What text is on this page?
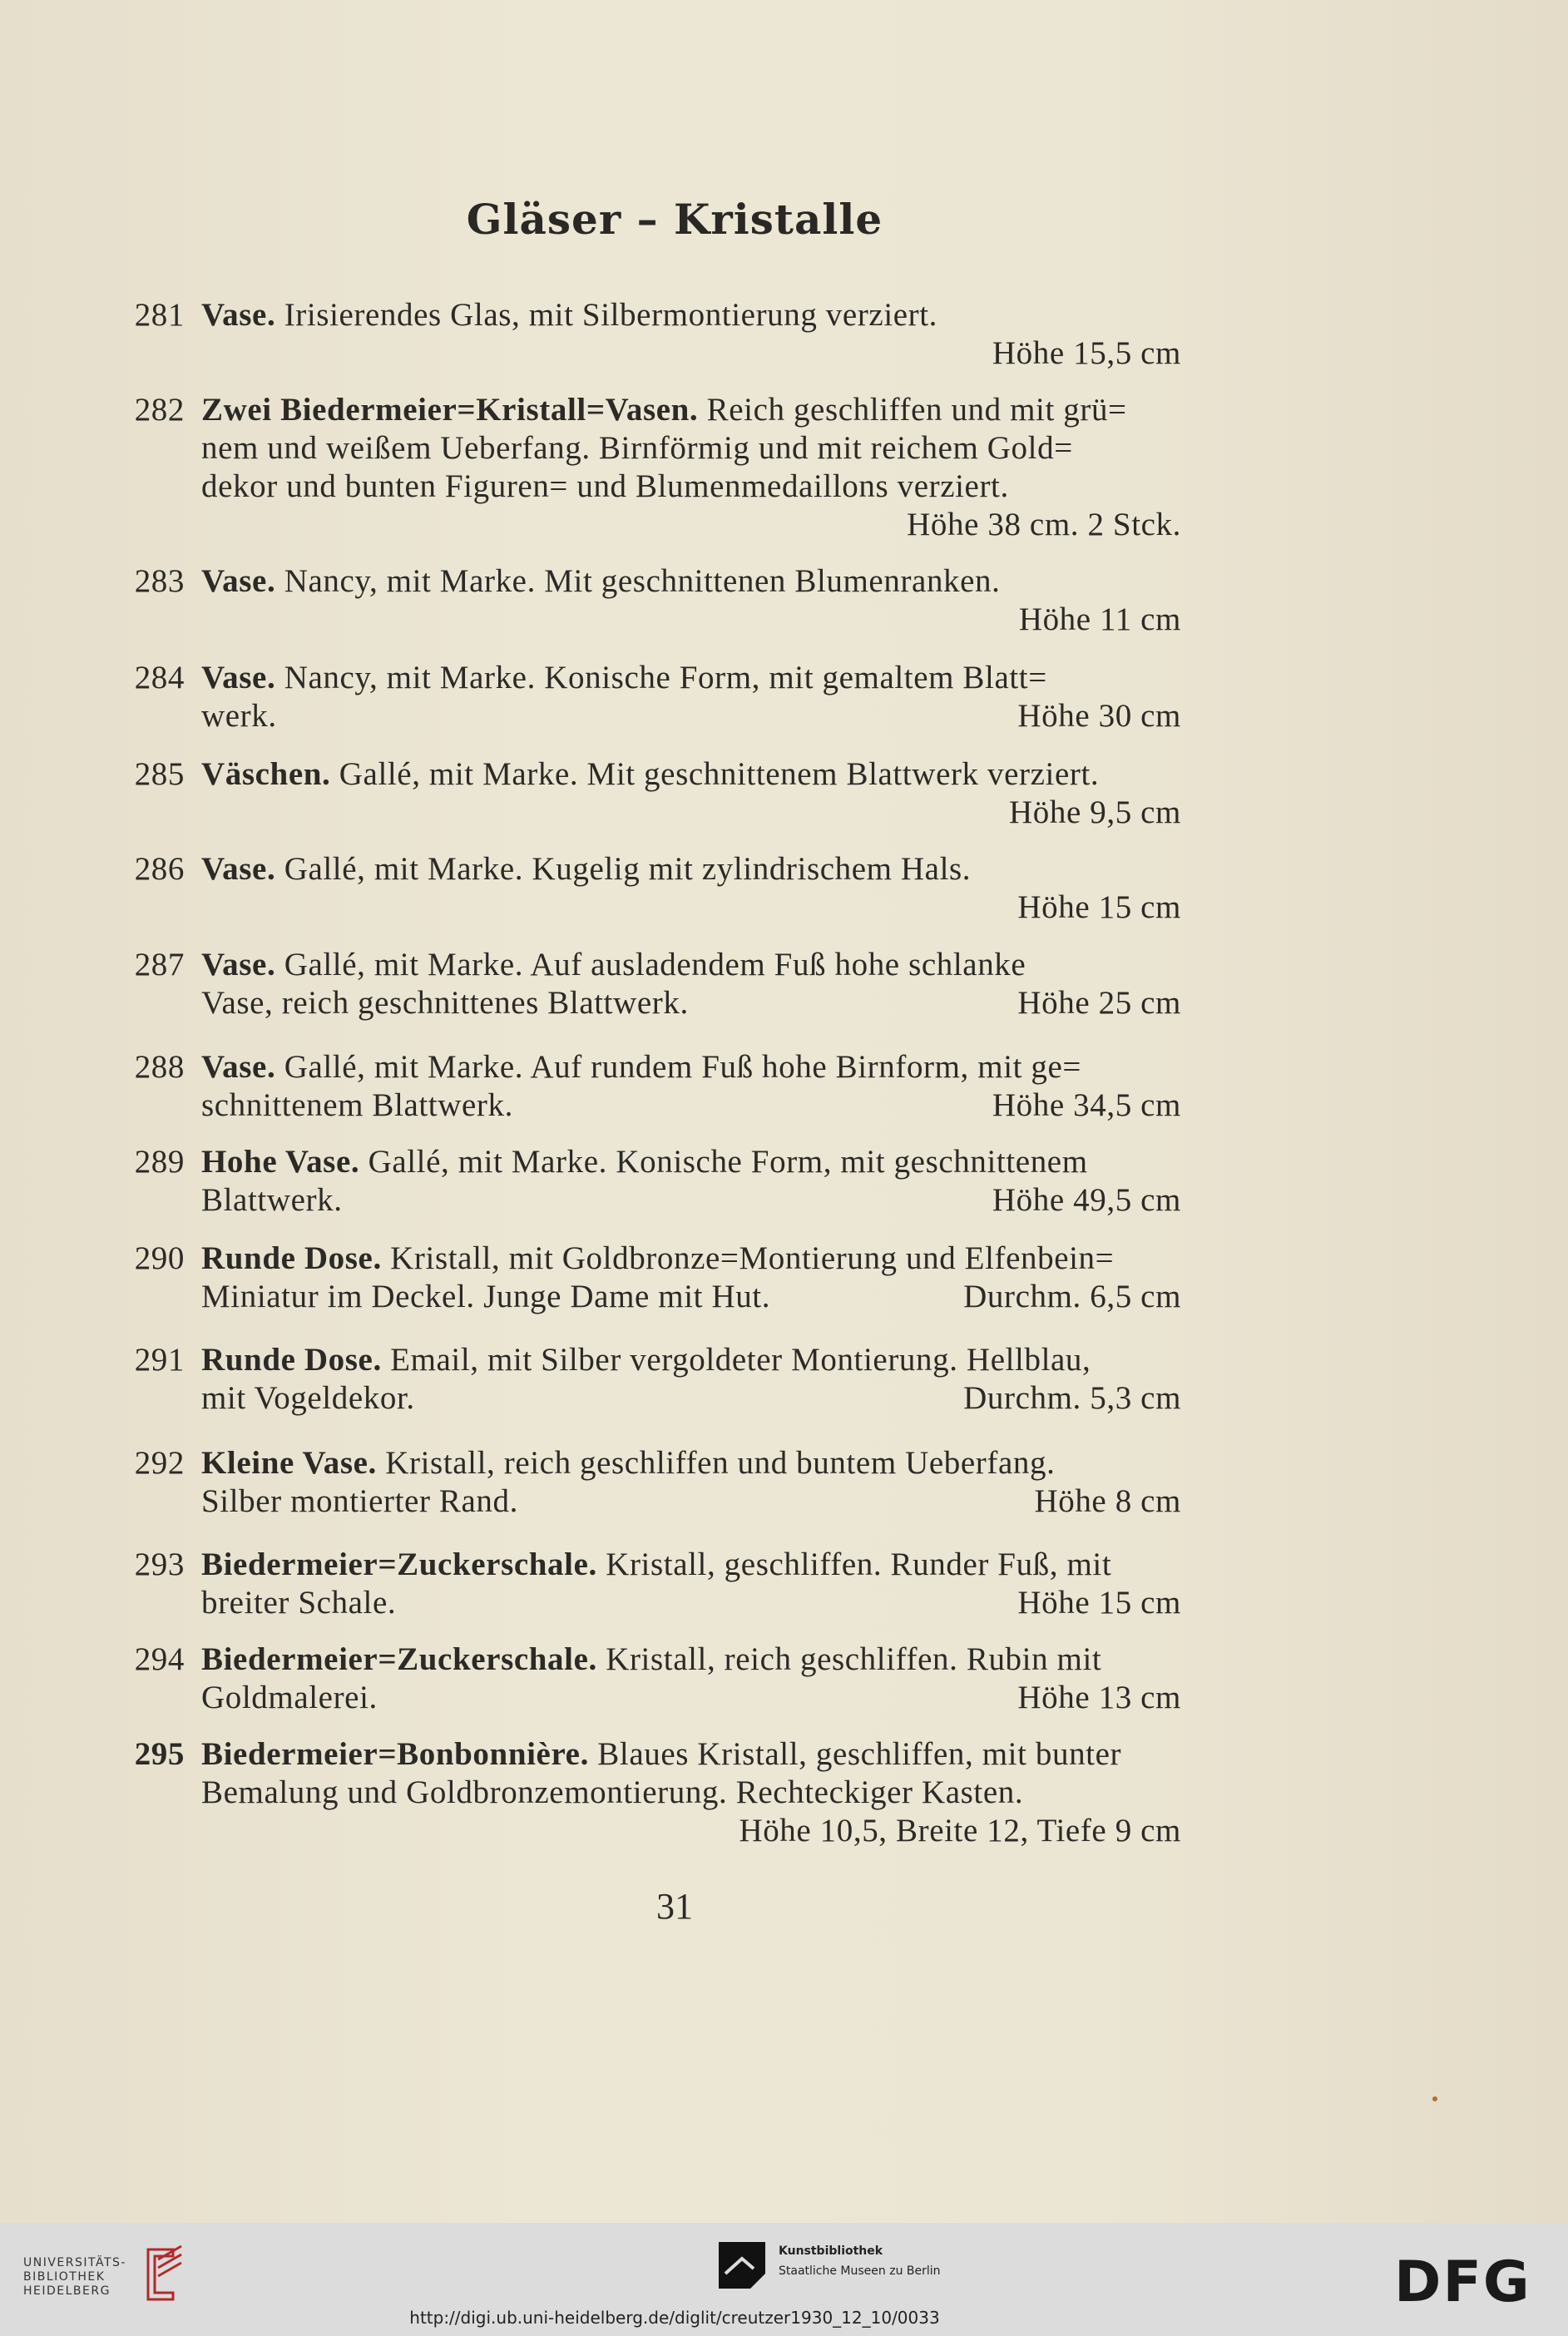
Gläser – Kristalle
281 Vase. Irisierendes Glas, mit Silbermontierung verziert.
Höhe 15,5 cm
282 Zwei Biedermeier=Kristall=Vasen. Reich geschliffen und mit grü=
nem und weißem Ueberfang. Birnförmig und mit reichem Gold=
dekor und bunten Figuren= und Blumenmedaillons verziert.
Höhe 38 cm. 2 Stck.
283 Vase. Nancy, mit Marke. Mit geschnittenen Blumenranken.
Höhe 11 cm
284 Vase. Nancy, mit Marke. Konische Form, mit gemaltem Blatt=
werk.	Höhe 30 cm
285 Väschen. Gallé, mit Marke. Mit geschnittenem Blattwerk verziert.
Höhe 9,5 cm
286 Vase. Gallé, mit Marke. Kugelig mit zylindrischem Hals.
Höhe 15 cm
287 Vase. Gallé, mit Marke. Auf ausladendem Fuß hohe schlanke
Vase, reich geschnittenes Blattwerk.	Höhe 25 cm
288 Vase. Gallé, mit Marke. Auf rundem Fuß hohe Birnform, mit ge=
schnittenem Blattwerk.	Höhe 34,5 cm
289 Hohe Vase. Gallé, mit Marke. Konische Form, mit geschnittenem
Blattwerk.	Höhe 49,5 cm
290 Runde Dose. Kristall, mit Goldbronze=Montierung und Elfenbein=
Miniatur im Deckel. Junge Dame mit Hut.	Durchm. 6,5 cm
291 Runde Dose. Email, mit Silber vergoldeter Montierung. Hellblau,
mit Vogeldekor.	Durchm. 5,3 cm
292 Kleine Vase. Kristall, reich geschliffen und buntem Ueberfang.
Silber montierter Rand.	Höhe 8 cm
293 Biedermeier=Zuckerschale. Kristall, geschliffen. Runder Fuß, mit
breiter Schale.	Höhe 15 cm
294 Biedermeier=Zuckerschale. Kristall, reich geschliffen. Rubin mit
Goldmalerei.	Höhe 13 cm
295 Biedermeier=Bonbonnière. Blaues Kristall, geschliffen, mit bunter
Bemalung und Goldbronzemontierung. Rechteckiger Kasten.
Höhe 10,5, Breite 12, Tiefe 9 cm
31
UNIVERSITÄTS-
BIBLIOTHEK
HEIDELBERG
Kunstbibliothek
Staatliche Museen zu Berlin	DFG
http://digi.ub.uni-heidelberg.de/diglit/creutzer1930_12_10/0033
